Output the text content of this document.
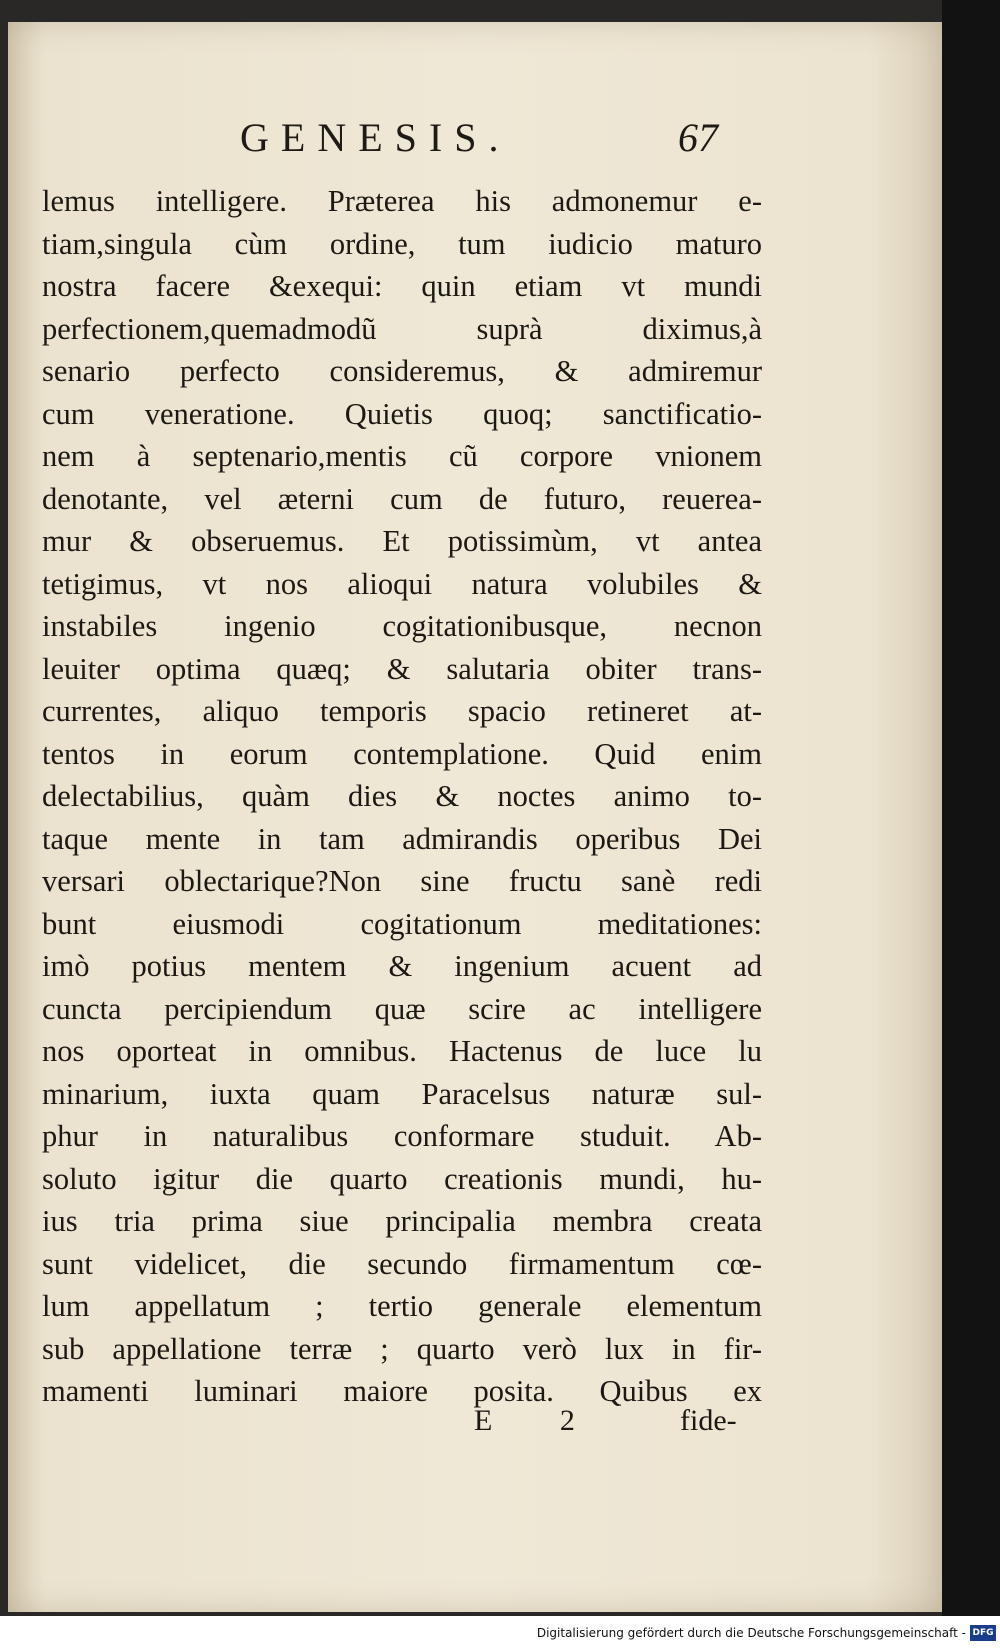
GENESIS.	67
lemus intelligere. Præterea his admonemur e-
tiam,singula cùm ordine, tum iudicio maturo
nostra facere &exequi: quin etiam vt mundi
perfectionem,quemadmodũ suprà diximus,à
senario perfecto consideremus, & admiremur
cum veneratione. Quietis quoq; sanctificatio-
nem à septenario,mentis cũ corpore vnionem
denotante, vel æterni cum de futuro, reuerea-
mur & obseruemus. Et potissimùm, vt antea
tetigimus, vt nos alioqui natura volubiles &
instabiles ingenio cogitationibusque, necnon
leuiter optima quæq; & salutaria obiter trans-
currentes, aliquo temporis spacio retineret at-
tentos in eorum contemplatione. Quid enim
delectabilius, quàm dies & noctes animo to-
taque mente in tam admirandis operibus Dei
versari oblectarique?Non sine fructu sanè redi
bunt eiusmodi cogitationum meditationes:
imò potius mentem & ingenium acuent ad
cuncta percipiendum quæ scire ac intelligere
nos oporteat in omnibus. Hactenus de luce lu
minarium, iuxta quam Paracelsus naturæ sul-
phur in naturalibus conformare studuit. Ab-
soluto igitur die quarto creationis mundi, hu-
ius tria prima siue principalia membra creata
sunt videlicet, die secundo firmamentum cœ-
lum appellatum ; tertio generale elementum
sub appellatione terræ ; quarto verò lux in fir-
mamenti luminari maiore posita. Quibus ex
E 2	fide-
Digitalisierung gefördert durch die Deutsche Forschungsgemeinschaft - DFG
